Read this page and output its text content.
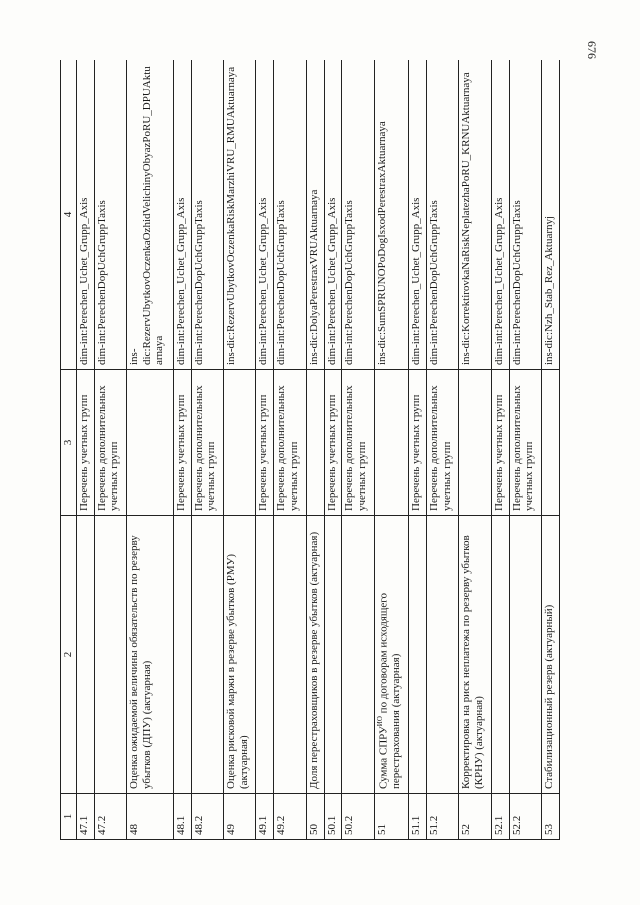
676
1	2	3	4
47.1		Перечень учетных групп	dim-int:Perechen_Uchet_Grupp_Axis
47.2		Перечень дополнительных учетных групп	dim-int:PerechenDopUchGruppTaxis
48	Оценка ожидаемой величины обязательств по резерву убытков (ДПУ) (актуарная)		ins-dic:RezervUbytkovOczenkaOzhidVelichinyObyazPoRU_DPUAktuarnaya
48.1		Перечень учетных групп	dim-int:Perechen_Uchet_Grupp_Axis
48.2		Перечень дополнительных учетных групп	dim-int:PerechenDopUchGruppTaxis
49	Оценка рисковой маржи в резерве убытков (РМУ) (актуарная)		ins-dic:RezervUbytkovOczenkaRiskMarzhiVRU_RMUAktuarnaya
49.1		Перечень учетных групп	dim-int:Perechen_Uchet_Grupp_Axis
49.2		Перечень дополнительных учетных групп	dim-int:PerechenDopUchGruppTaxis
50	Доля перестраховщиков в резерве убытков (актуарная)		ins-dic:DolyaPerestraxVRUAktuarnaya
50.1		Перечень учетных групп	dim-int:Perechen_Uchet_Grupp_Axis
50.2		Перечень дополнительных учетных групп	dim-int:PerechenDopUchGruppTaxis
51	Сумма $СПРУ^{ИО}$ по договорам исходящего перестрахования (актуарная)		ins-dic:SumSPRUNOPoDogIsxodPerestraxAktuarnaya
51.1		Перечень учетных групп	dim-int:Perechen_Uchet_Grupp_Axis
51.2		Перечень дополнительных учетных групп	dim-int:PerechenDopUchGruppTaxis
52	Корректировка на риск неплатежа по резерву убытков (КРНУ) (актуарная)		ins-dic:KorrektirovkaNaRiskNeplatezhaPoRU_KRNUAktuarnaya
52.1		Перечень учетных групп	dim-int:Perechen_Uchet_Grupp_Axis
52.2		Перечень дополнительных учетных групп	dim-int:PerechenDopUchGruppTaxis
53	Стабилизационный резерв (актуарный)		ins-dic:Nzh_Stab_Rez_Aktuarnyj
